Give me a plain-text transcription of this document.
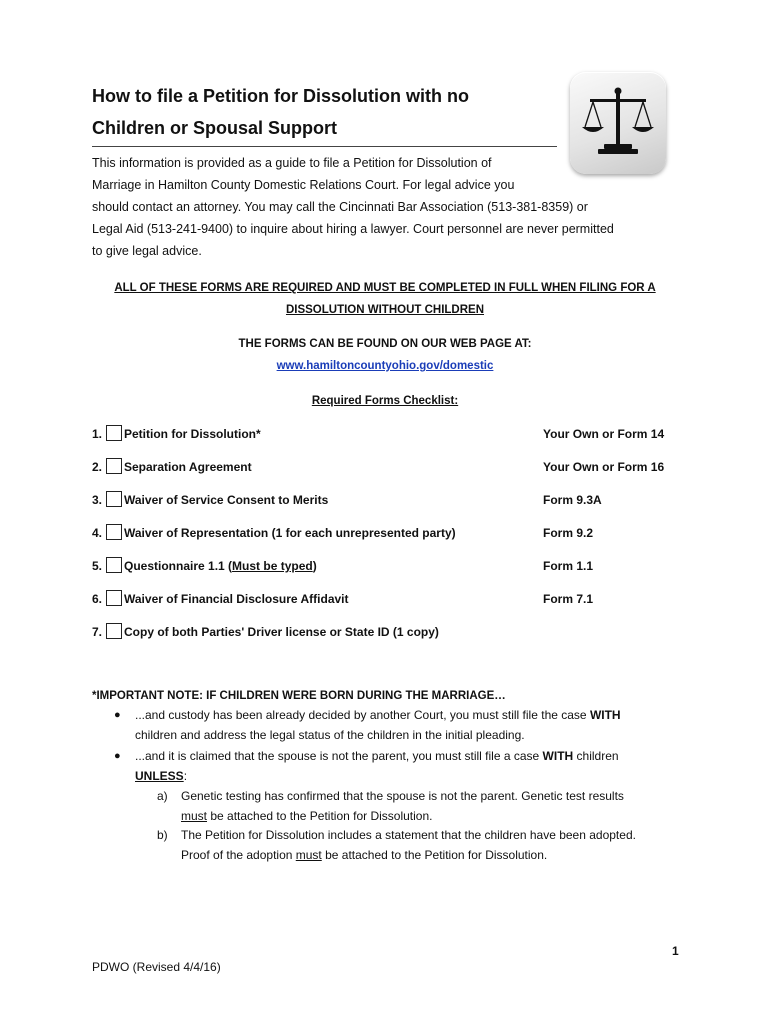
How to file a Petition for Dissolution with no
Children or Spousal Support
This information is provided as a guide to file a Petition for Dissolution of
Marriage in Hamilton County Domestic Relations Court. For legal advice you
should contact an attorney. You may call the Cincinnati Bar Association (513-381-8359) or
Legal Aid (513-241-9400) to inquire about hiring a lawyer. Court personnel are never permitted
to give legal advice.
ALL OF THESE FORMS ARE REQUIRED AND MUST BE COMPLETED IN FULL WHEN FILING FOR A
DISSOLUTION WITHOUT CHILDREN
THE FORMS CAN BE FOUND ON OUR WEB PAGE AT:
www.hamiltoncountyohio.gov/domestic
Required Forms Checklist:
1. Petition for Dissolution*	Your Own or Form 14
2. Separation Agreement	Your Own or Form 16
3. Waiver of Service Consent to Merits	Form 9.3A
4. Waiver of Representation (1 for each unrepresented party)	Form 9.2
5. Questionnaire 1.1 (Must be typed)	Form 1.1
6. Waiver of Financial Disclosure Affidavit	Form 7.1
7. Copy of both Parties' Driver license or State ID (1 copy)
*IMPORTANT NOTE: IF CHILDREN WERE BORN DURING THE MARRIAGE…
● ...and custody has been already decided by another Court, you must still file the case WITH
children and address the legal status of the children in the initial pleading.
● ...and it is claimed that the spouse is not the parent, you must still file a case WITH children
UNLESS:
a) Genetic testing has confirmed that the spouse is not the parent. Genetic test results
must be attached to the Petition for Dissolution.
b) The Petition for Dissolution includes a statement that the children have been adopted.
Proof of the adoption must be attached to the Petition for Dissolution.
1
PDWO (Revised 4/4/16)
